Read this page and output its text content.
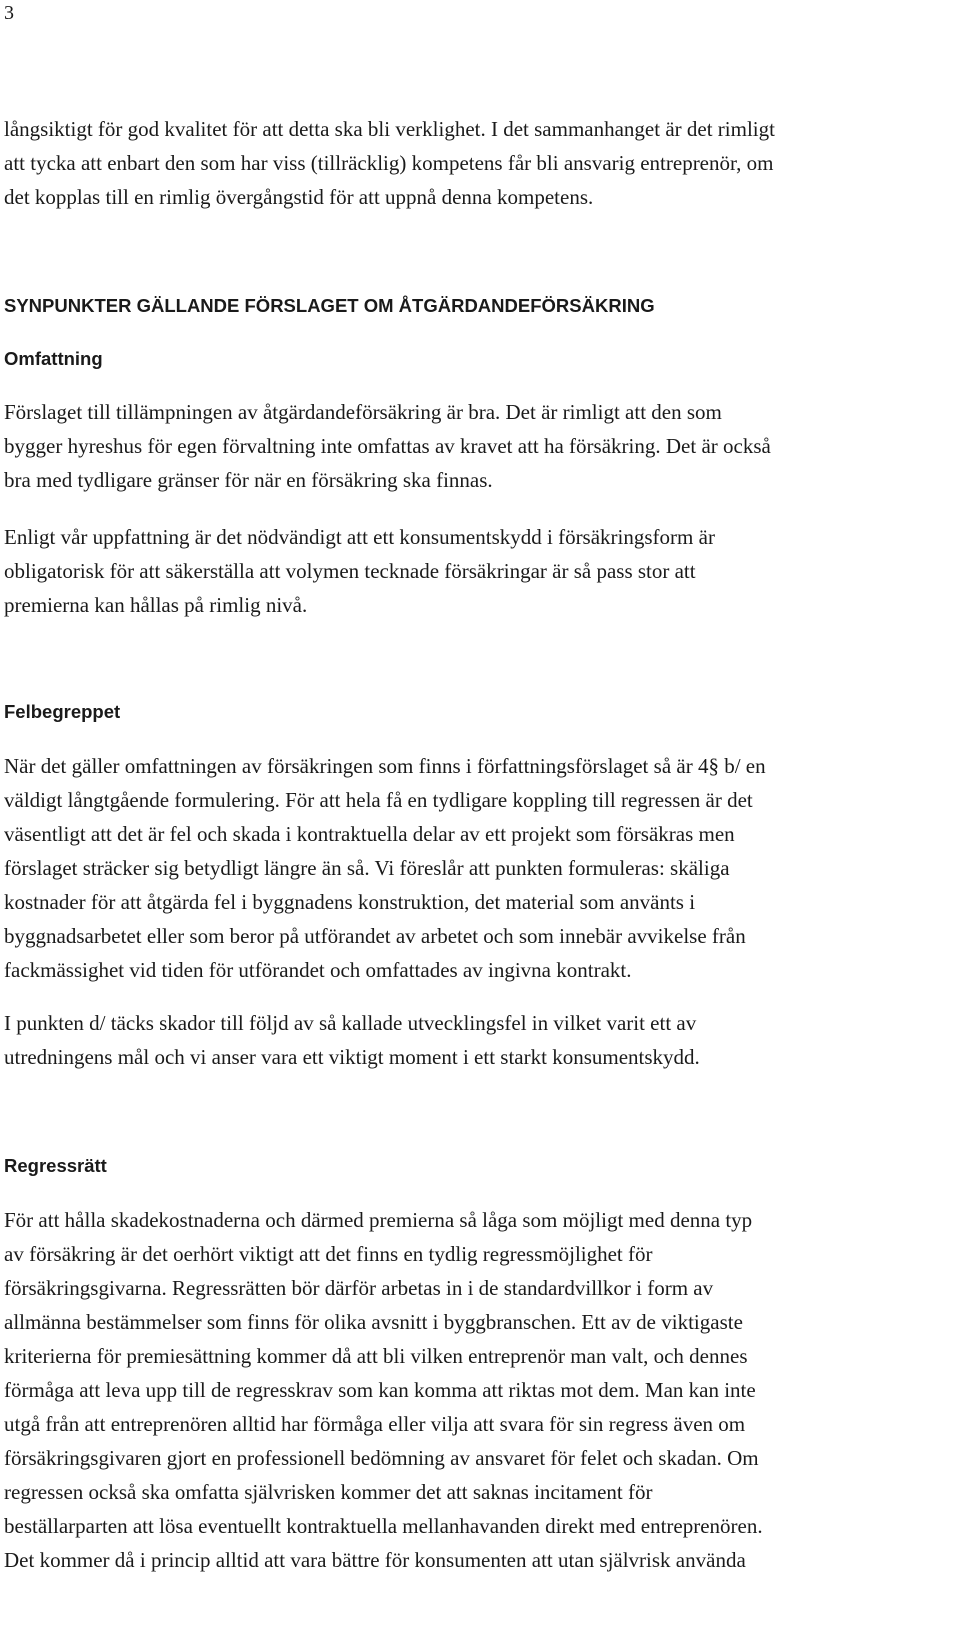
3
långsiktigt för god kvalitet för att detta ska bli verklighet. I det sammanhanget är det rimligt
att tycka att enbart den som har viss (tillräcklig) kompetens får bli ansvarig entreprenör, om
det kopplas till en rimlig övergångstid för att uppnå denna kompetens.
SYNPUNKTER GÄLLANDE FÖRSLAGET OM ÅTGÄRDANDEFÖRSÄKRING
Omfattning
Förslaget till tillämpningen av åtgärdandeförsäkring är bra. Det är rimligt att den som
bygger hyreshus för egen förvaltning inte omfattas av kravet att ha försäkring. Det är också
bra med tydligare gränser för när en försäkring ska finnas.
Enligt vår uppfattning är det nödvändigt att ett konsumentskydd i försäkringsform är
obligatorisk för att säkerställa att volymen tecknade försäkringar är så pass stor att
premierna kan hållas på rimlig nivå.
Felbegreppet
När det gäller omfattningen av försäkringen som finns i författningsförslaget så är 4§ b/ en
väldigt långtgående formulering. För att hela få en tydligare koppling till regressen är det
väsentligt att det är fel och skada i kontraktuella delar av ett projekt som försäkras men
förslaget sträcker sig betydligt längre än så. Vi föreslår att punkten formuleras: skäliga
kostnader för att åtgärda fel i byggnadens konstruktion, det material som använts i
byggnadsarbetet eller som beror på utförandet av arbetet och som innebär avvikelse från
fackmässighet vid tiden för utförandet och omfattades av ingivna kontrakt.
I punkten d/ täcks skador till följd av så kallade utvecklingsfel in vilket varit ett av
utredningens mål och vi anser vara ett viktigt moment i ett starkt konsumentskydd.
Regressrätt
För att hålla skadekostnaderna och därmed premierna så låga som möjligt med denna typ
av försäkring är det oerhört viktigt att det finns en tydlig regressmöjlighet för
försäkringsgivarna. Regressrätten bör därför arbetas in i de standardvillkor i form av
allmänna bestämmelser som finns för olika avsnitt i byggbranschen. Ett av de viktigaste
kriterierna för premiesättning kommer då att bli vilken entreprenör man valt, och dennes
förmåga att leva upp till de regresskrav som kan komma att riktas mot dem. Man kan inte
utgå från att entreprenören alltid har förmåga eller vilja att svara för sin regress även om
försäkringsgivaren gjort en professionell bedömning av ansvaret för felet och skadan. Om
regressen också ska omfatta självrisken kommer det att saknas incitament för
beställarparten att lösa eventuellt kontraktuella mellanhavanden direkt med entreprenören.
Det kommer då i princip alltid att vara bättre för konsumenten att utan självrisk använda
